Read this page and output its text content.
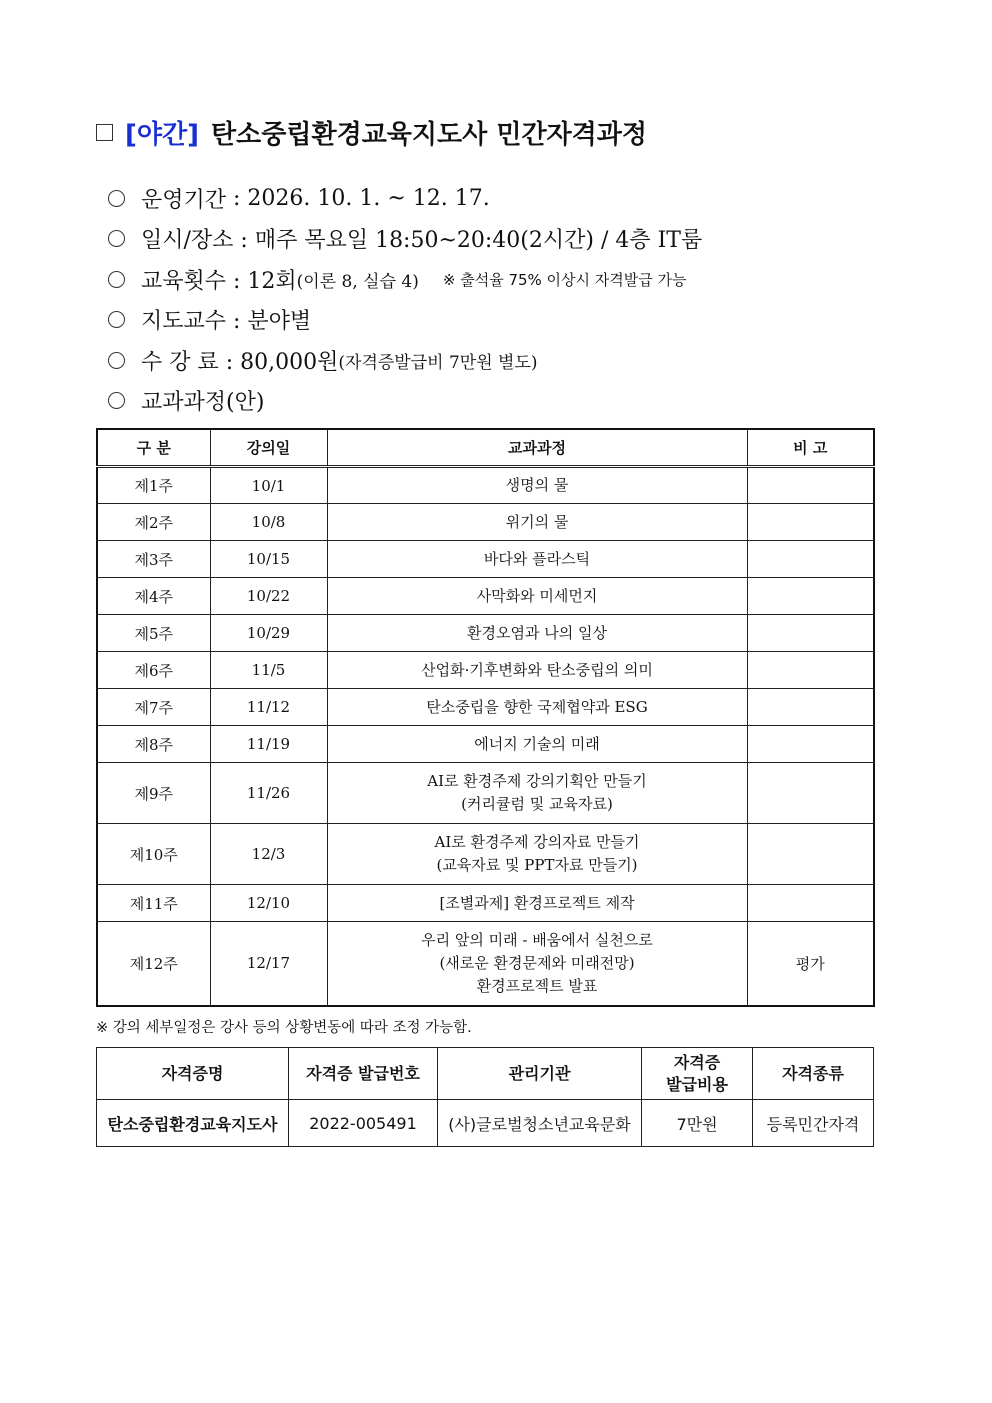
[야간] 탄소중립환경교육지도사 민간자격과정
운영기간 : 2026. 10. 1. ~ 12. 17.
일시/장소 : 매주 목요일 18:50~20:40(2시간) / 4층 IT룸
교육횟수 : 12회 (이론 8, 실습 4) ※ 출석율 75% 이상시 자격발급 가능
지도교수 : 분야별
수 강 료 : 80,000원 (자격증발급비 7만원 별도)
교과과정(안)
구 분	강의일	교과과정	비 고
제1주	10/1	생명의 물	

제2주	10/8	위기의 물	

제3주	10/15	바다와 플라스틱	

제4주	10/22	사막화와 미세먼지	

제5주	10/29	환경오염과 나의 일상	

제6주	11/5	산업화·기후변화와 탄소중립의 의미	

제7주	11/12	탄소중립을 향한 국제협약과 ESG	

제8주	11/19	에너지 기술의 미래	

제9주	11/26	AI로 환경주제 강의기획안 만들기
(커리큘럼 및 교육자료)	

제10주	12/3	AI로 환경주제 강의자료 만들기
(교육자료 및 PPT자료 만들기)	

제11주	12/10	[조별과제] 환경프로젝트 제작	

제12주	12/17	우리 앞의 미래 - 배움에서 실천으로
(새로운 환경문제와 미래전망)
환경프로젝트 발표	평가
※ 강의 세부일정은 강사 등의 상황변동에 따라 조정 가능함.
자격증명	자격증 발급번호	관리기관	자격증
발급비용	자격종류
탄소중립환경교육지도사	2022-005491	(사)글로벌청소년교육문화	7만원	등록민간자격
